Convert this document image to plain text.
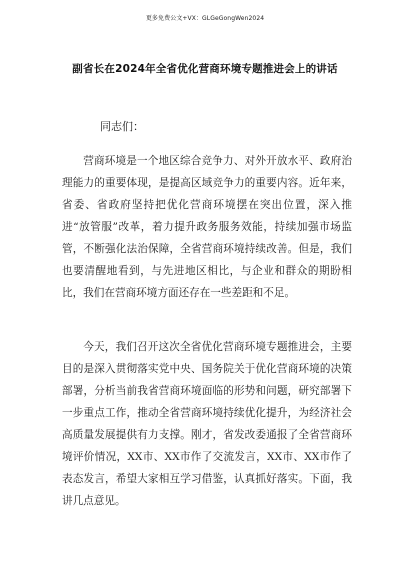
更多免费公文+VX：GLGeGongWen2024
副省长在2024年全省优化营商环境专题推进会上的讲话
同志们：

营商环境是一个地区综合竞争力、对外开放水平、政府治理能力的重要体现，是提高区域竞争力的重要内容。近年来，省委、省政府坚持把优化营商环境摆在突出位置，深入推进“放管服”改革，着力提升政务服务效能，持续加强市场监管，不断强化法治保障，全省营商环境持续改善。但是，我们也要清醒地看到，与先进地区相比，与企业和群众的期盼相比，我们在营商环境方面还存在一些差距和不足。

今天，我们召开这次全省优化营商环境专题推进会，主要目的是深入贯彻落实党中央、国务院关于优化营商环境的决策部署，分析当前我省营商环境面临的形势和问题，研究部署下一步重点工作，推动全省营商环境持续优化提升，为经济社会高质量发展提供有力支撑。刚才，省发改委通报了全省营商环境评价情况，XX市、XX市作了交流发言，XX市、XX市作了表态发言，希望大家相互学习借鉴，认真抓好落实。下面，我讲几点意见。
